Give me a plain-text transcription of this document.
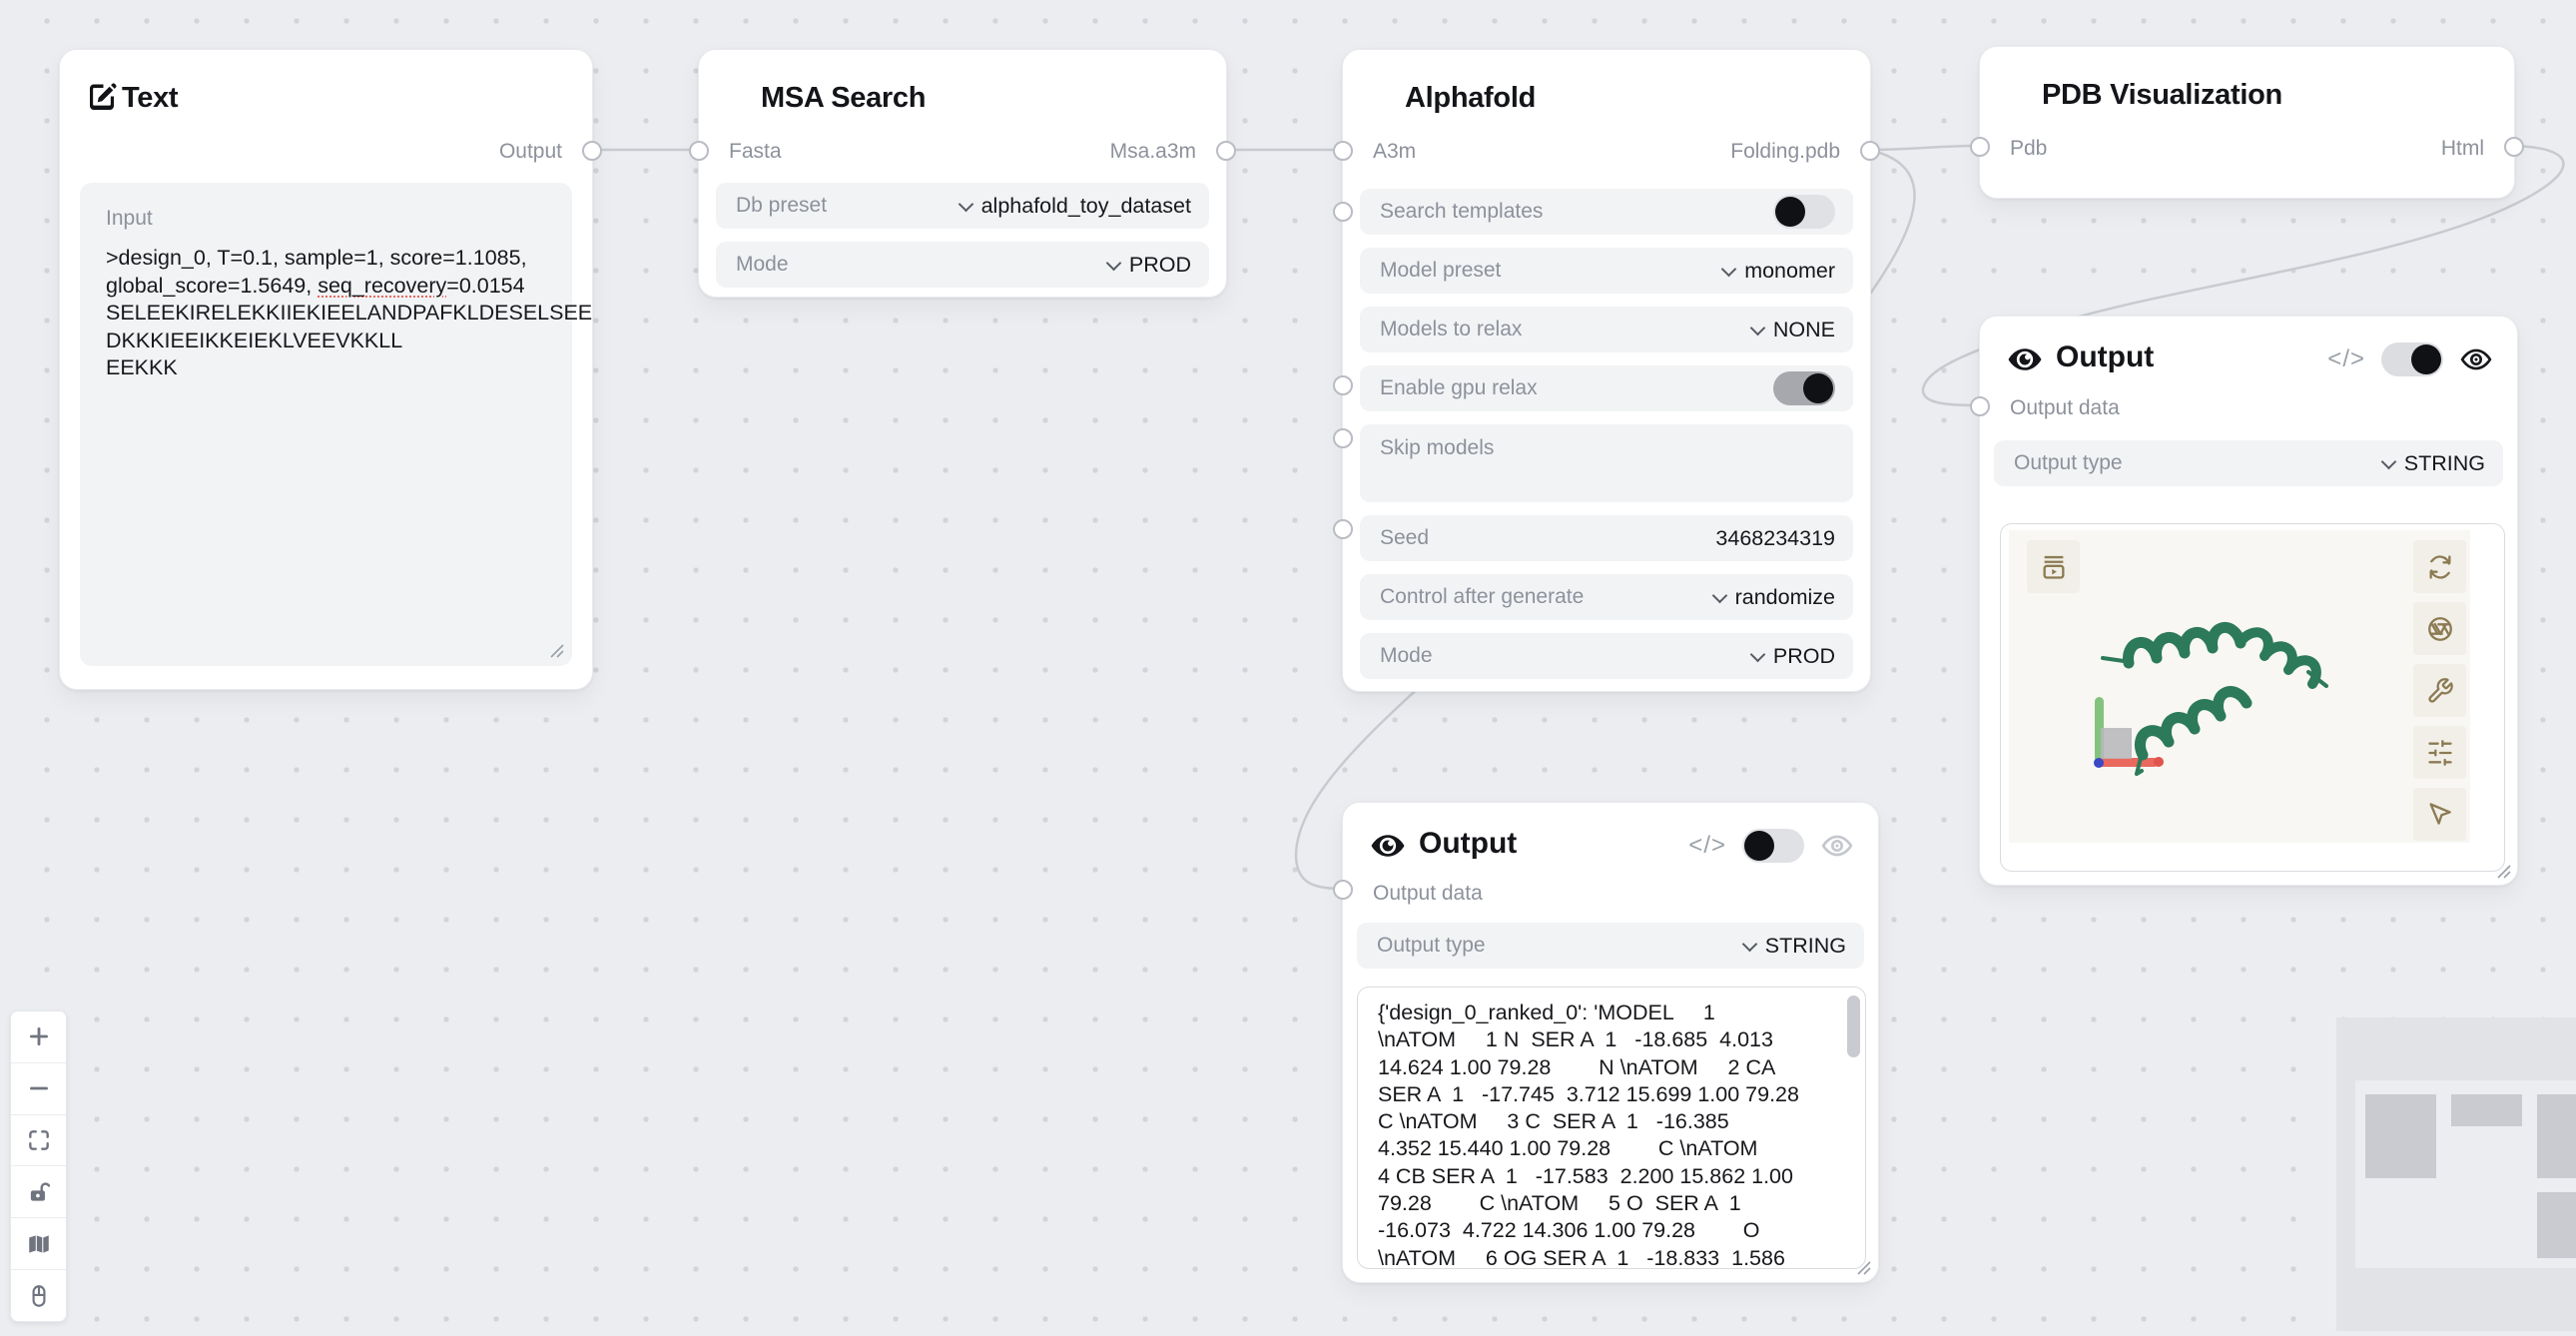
Text
Output
Input
>design_0, T=0.1, sample=1, score=1.1085,
global_score=1.5649, seq_recovery=0.0154
SELEEKIRELEKKIIEKIEELANDPAFKLDESELSEE
DKKKIEEIKKEIEKLVEEVKKLL
EEKKK
MSA Search
Fasta	Msa.a3m
Db preset	alphafold_toy_dataset
Mode	PROD
Alphafold
A3m	Folding.pdb
Search templates
Model preset	monomer
Models to relax	NONE
Enable gpu relax
Skip models
Seed	3468234319
Control after generate	randomize
Mode	PROD
PDB Visualization
Pdb	Html
Output	</>
Output data
Output type	STRING
{'design_0_ranked_0': 'MODEL     1
\nATOM     1 N  SER A  1   -18.685  4.013
14.624 1.00 79.28        N \nATOM     2 CA
SER A  1   -17.745  3.712 15.699 1.00 79.28
C \nATOM     3 C  SER A  1   -16.385
4.352 15.440 1.00 79.28        C \nATOM
4 CB SER A  1   -17.583  2.200 15.862 1.00
79.28        C \nATOM     5 O  SER A  1
-16.073  4.722 14.306 1.00 79.28        O
\nATOM     6 OG SER A  1   -18.833  1.586
Output	</>
Output data
Output type	STRING
